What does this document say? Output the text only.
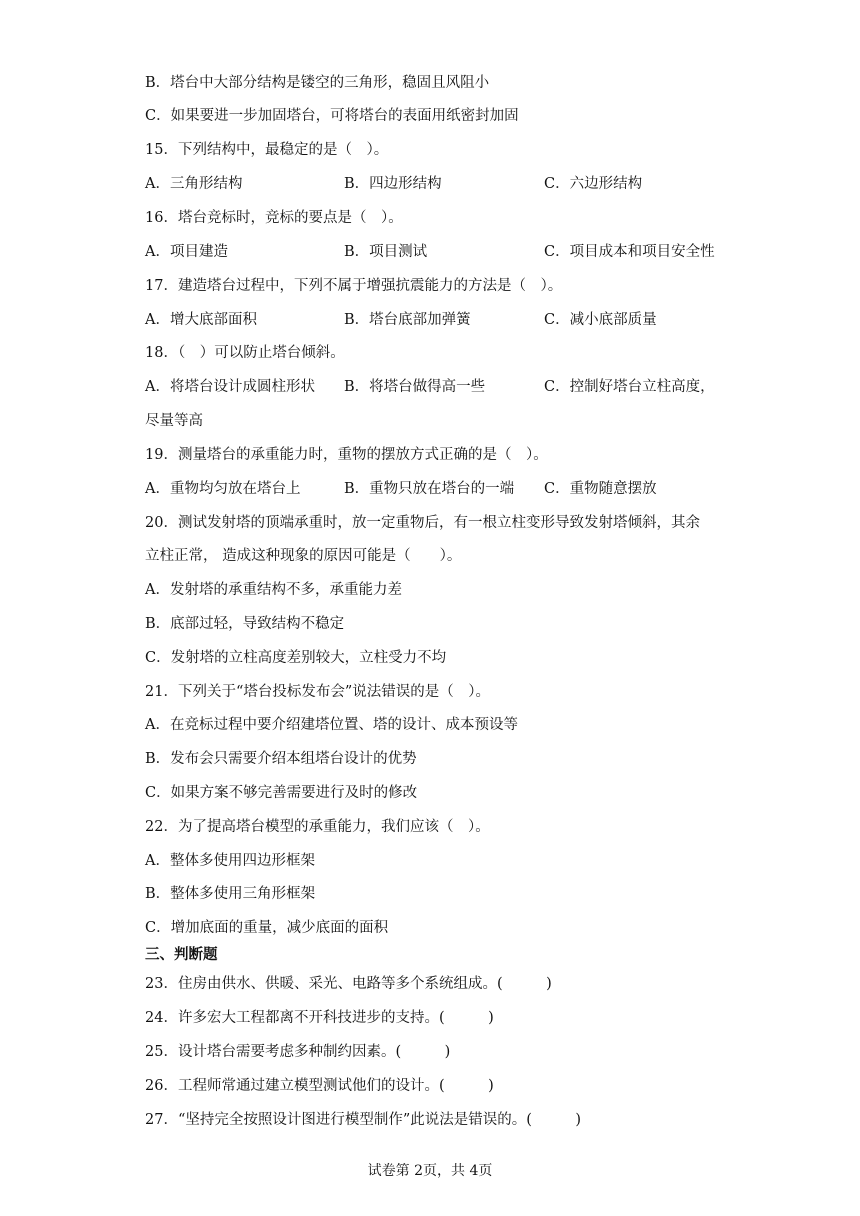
B．塔台中大部分结构是镂空的三角形，稳固且风阻小
C．如果要进一步加固塔台，可将塔台的表面用纸密封加固
15．下列结构中，最稳定的是（　）。
A．三角形结构	B．四边形结构	C．六边形结构
16．塔台竞标时，竞标的要点是（　）。
A．项目建造	B．项目测试	C．项目成本和项目安全性
17．建造塔台过程中，下列不属于增强抗震能力的方法是（　）。
A．增大底部面积	B．塔台底部加弹簧	C．减小底部质量
18．（　）可以防止塔台倾斜。
A．将塔台设计成圆柱形状 B．将塔台做得高一些	C．控制好塔台立柱高度，
尽量等高
19．测量塔台的承重能力时，重物的摆放方式正确的是（　）。
A．重物均匀放在塔台上	B．重物只放在塔台的一端 C．重物随意摆放
20．测试发射塔的顶端承重时，放一定重物后，有一根立柱变形导致发射塔倾斜，其余
立柱正常， 造成这种现象的原因可能是（　　）。
A．发射塔的承重结构不多，承重能力差
B．底部过轻，导致结构不稳定
C．发射塔的立柱高度差别较大，立柱受力不均
21．下列关于“塔台投标发布会”说法错误的是（　）。
A．在竞标过程中要介绍建塔位置、塔的设计、成本预设等
B．发布会只需要介绍本组塔台设计的优势
C．如果方案不够完善需要进行及时的修改
22．为了提高塔台模型的承重能力，我们应该（　）。
A．整体多使用四边形框架
B．整体多使用三角形框架
C．增加底面的重量，减少底面的面积
三、判断题
23．住房由供水、供暖、采光、电路等多个系统组成。(　　　)
24．许多宏大工程都离不开科技进步的支持。(　　　)
25．设计塔台需要考虑多种制约因素。(　　　)
26．工程师常通过建立模型测试他们的设计。(　　　)
27．“坚持完全按照设计图进行模型制作”此说法是错误的。(　　　)
试卷第 2页，共 4页
